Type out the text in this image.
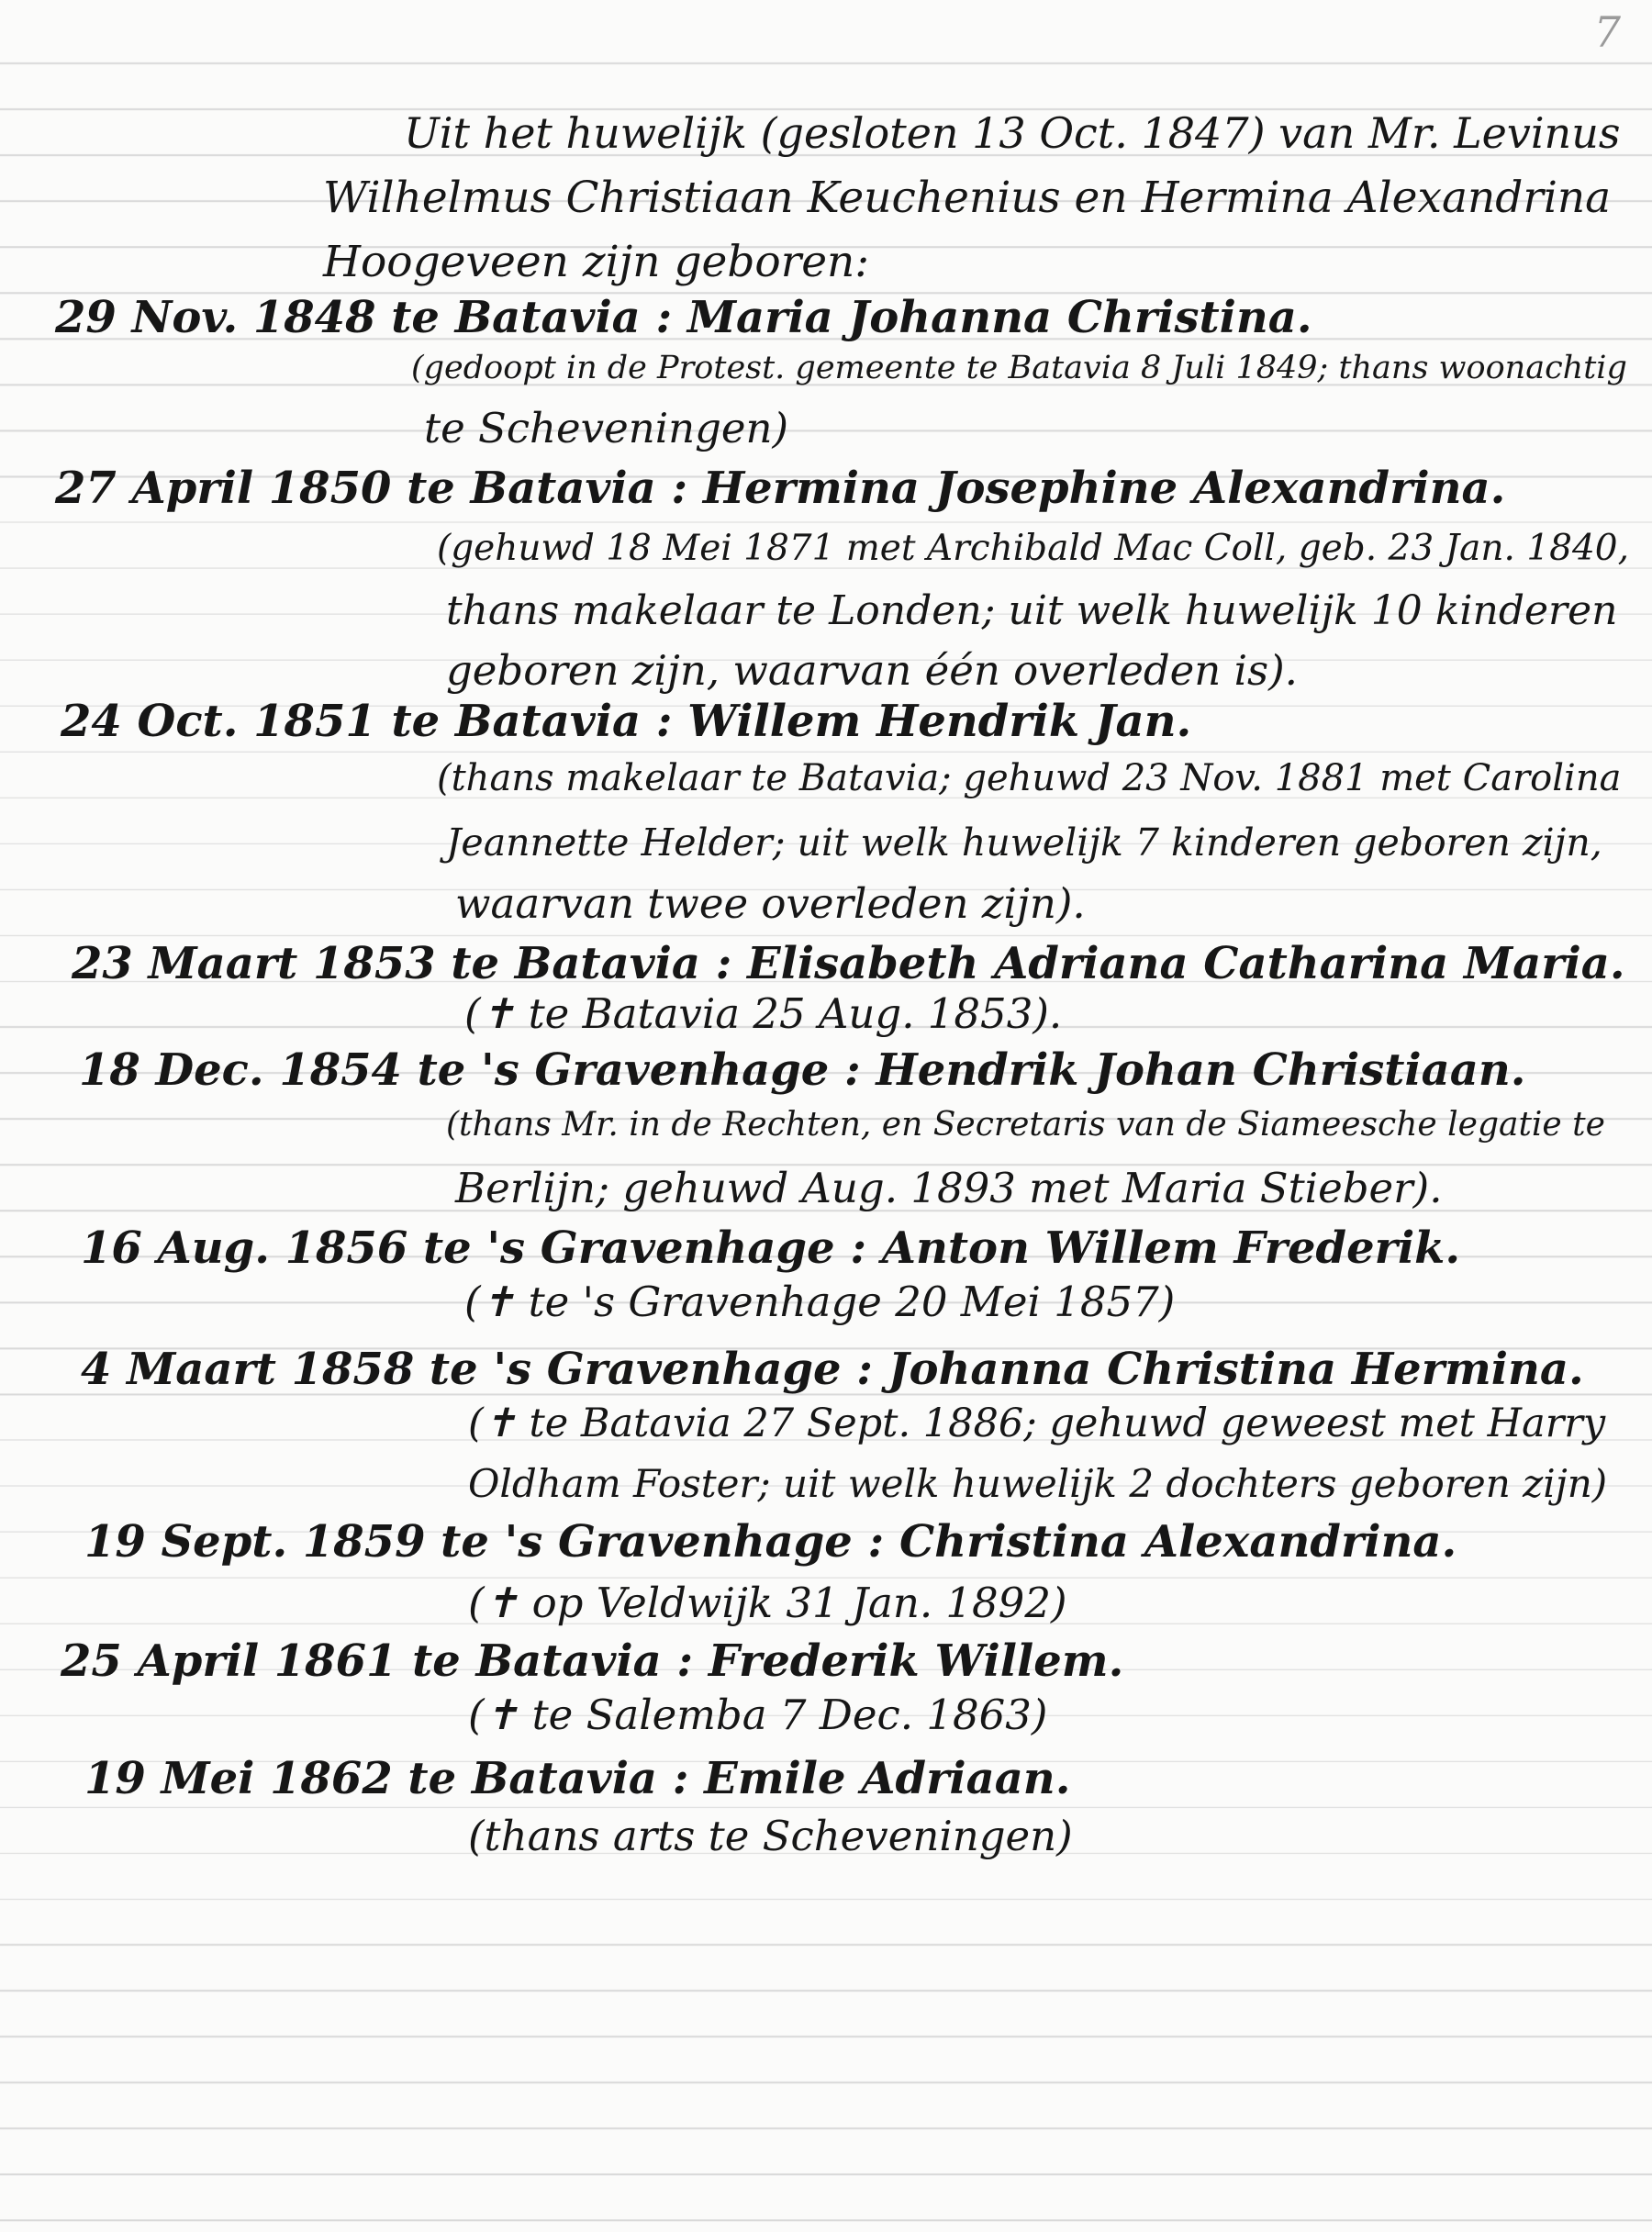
7
Uit het huwelijk (gesloten 13 Oct. 1847) van Mr. Levinus
Wilhelmus Christiaan Keuchenius en Hermina Alexandrina
Hoogeveen zijn geboren:
29 Nov. 1848 te Batavia : Maria Johanna Christina.
(gedoopt in de Protest. gemeente te Batavia 8 Juli 1849; thans woonachtig
te Scheveningen)
27 April 1850 te Batavia : Hermina Josephine Alexandrina.
(gehuwd 18 Mei 1871 met Archibald Mac Coll, geb. 23 Jan. 1840,
thans makelaar te Londen; uit welk huwelijk 10 kinderen
geboren zijn, waarvan één overleden is).
24 Oct. 1851 te Batavia : Willem Hendrik Jan.
(thans makelaar te Batavia; gehuwd 23 Nov. 1881 met Carolina
Jeannette Helder; uit welk huwelijk 7 kinderen geboren zijn,
waarvan twee overleden zijn).
23 Maart 1853 te Batavia : Elisabeth Adriana Catharina Maria.
(✝ te Batavia 25 Aug. 1853).
18 Dec. 1854 te 's Gravenhage : Hendrik Johan Christiaan.
(thans Mr. in de Rechten, en Secretaris van de Siameesche legatie te
Berlijn; gehuwd Aug. 1893 met Maria Stieber).
16 Aug. 1856 te 's Gravenhage : Anton Willem Frederik.
(✝ te 's Gravenhage 20 Mei 1857)
4 Maart 1858 te 's Gravenhage : Johanna Christina Hermina.
(✝ te Batavia 27 Sept. 1886; gehuwd geweest met Harry
Oldham Foster; uit welk huwelijk 2 dochters geboren zijn)
19 Sept. 1859 te 's Gravenhage : Christina Alexandrina.
(✝ op Veldwijk 31 Jan. 1892)
25 April 1861 te Batavia : Frederik Willem.
(✝ te Salemba 7 Dec. 1863)
19 Mei 1862 te Batavia : Emile Adriaan.
(thans arts te Scheveningen)
